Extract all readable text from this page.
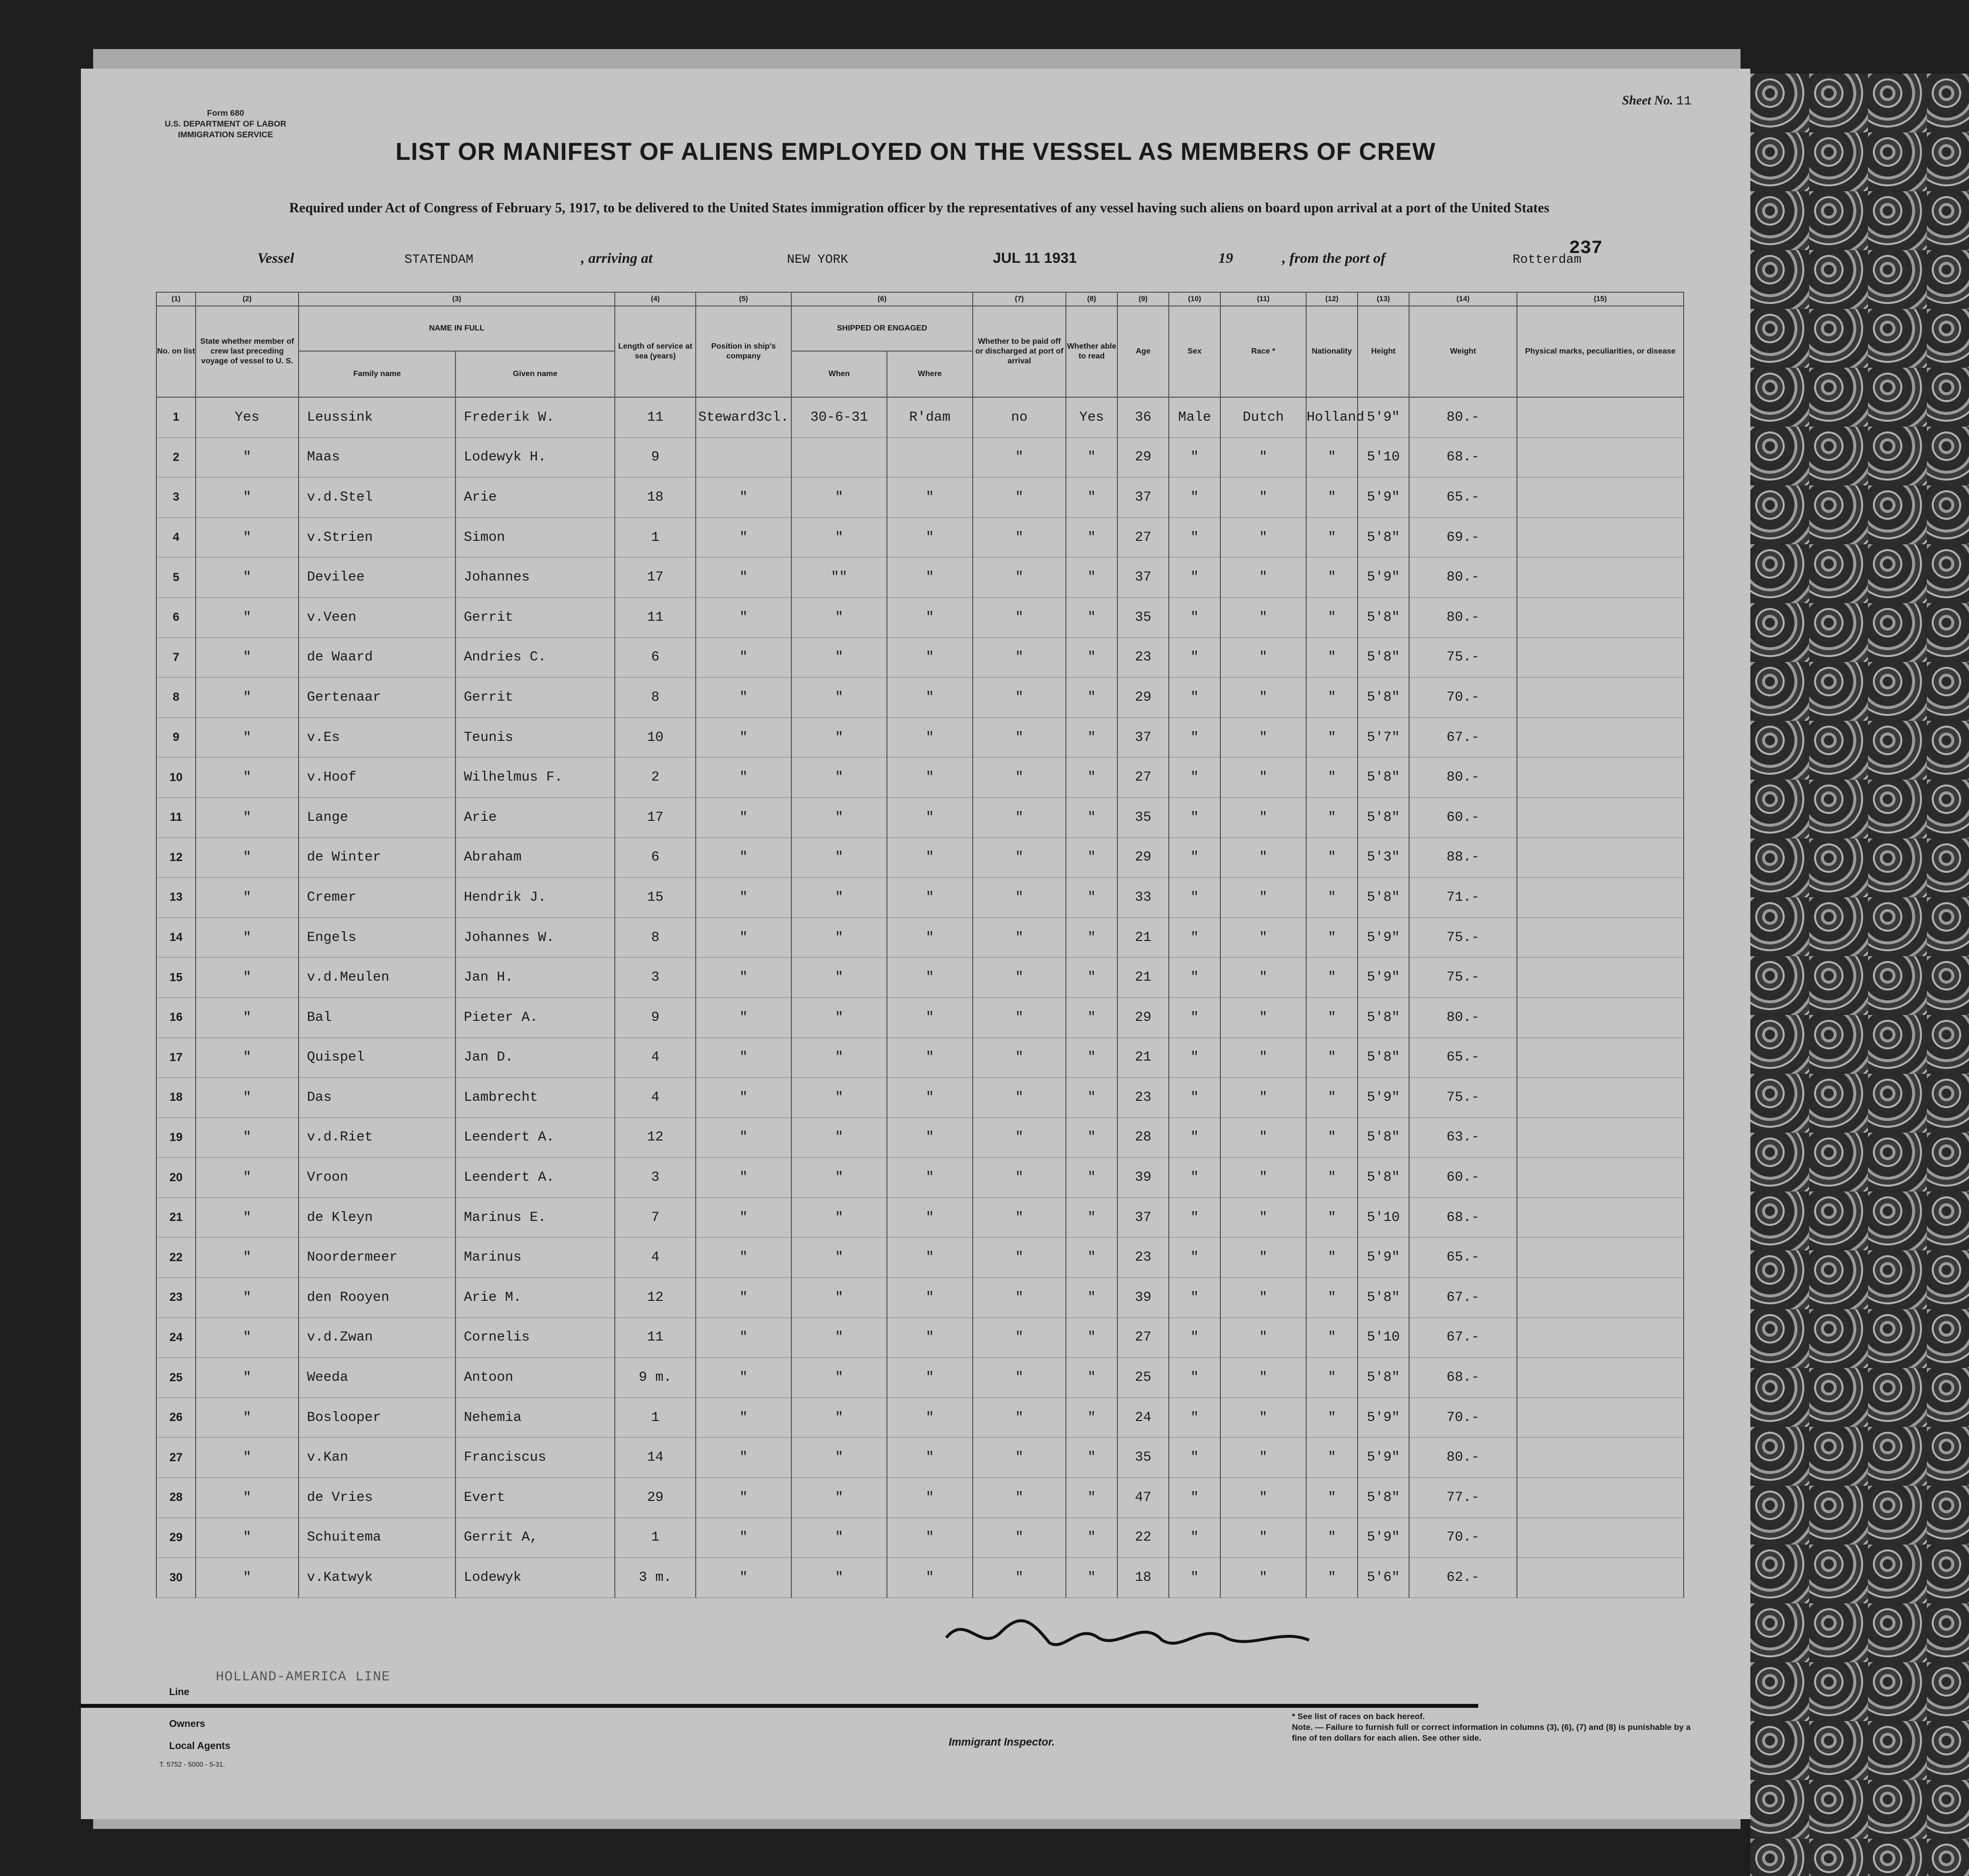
Form 680
U.S. DEPARTMENT OF LABOR
IMMIGRATION SERVICE
Sheet No. 11
LIST OR MANIFEST OF ALIENS EMPLOYED ON THE VESSEL AS MEMBERS OF CREW
Required under Act of Congress of February 5, 1917, to be delivered to the United States immigration officer by the representatives of any vessel having such aliens on board upon arrival at a port of the United States
Vessel	STATENDAM	, arriving at	NEW YORK	JUL 11 1931	19	, from the port of	Rotterdam
237
(1)	(2)	(3)		(4)	(5)	(6)		(7)	(8)	(9)	(10)	(11)	(12)	(13)	(14)	(15)	
No. on list	State whether member of crew last preceding voyage of vessel to U. S.	NAME IN FULL		Length of service at sea (years)	Position in ship's company	SHIPPED OR ENGAGED		Whether to be paid off or discharged at port of arrival	Whether able to read	Age	Sex	Race *	Nationality	Height	Weight	Physical marks, peculiarities, or disease	
		Family name	Given name			When	Where										
1	Yes	Leussink	Frederik W.	11	Steward3cl.	30-6-31	R'dam	no	Yes	36	Male	Dutch	Holland	5'9"	80.-		
2	"	Maas	Lodewyk H.	9				"	"	29	"	"	"	5'10	68.-		
3	"	v.d.Stel	Arie	18	"	"	"	"	"	37	"	"	"	5'9"	65.-		
4	"	v.Strien	Simon	1	"	"	"	"	"	27	"	"	"	5'8"	69.-		
5	"	Devilee	Johannes	17	"	""	"	"	"	37	"	"	"	5'9"	80.-		
6	"	v.Veen	Gerrit	11	"	"	"	"	"	35	"	"	"	5'8"	80.-		
7	"	de Waard	Andries C.	6	"	"	"	"	"	23	"	"	"	5'8"	75.-		
8	"	Gertenaar	Gerrit	8	"	"	"	"	"	29	"	"	"	5'8"	70.-		
9	"	v.Es	Teunis	10	"	"	"	"	"	37	"	"	"	5'7"	67.-		
10	"	v.Hoof	Wilhelmus F.	2	"	"	"	"	"	27	"	"	"	5'8"	80.-		
11	"	Lange	Arie	17	"	"	"	"	"	35	"	"	"	5'8"	60.-		
12	"	de Winter	Abraham	6	"	"	"	"	"	29	"	"	"	5'3"	88.-		
13	"	Cremer	Hendrik J.	15	"	"	"	"	"	33	"	"	"	5'8"	71.-		
14	"	Engels	Johannes W.	8	"	"	"	"	"	21	"	"	"	5'9"	75.-		
15	"	v.d.Meulen	Jan H.	3	"	"	"	"	"	21	"	"	"	5'9"	75.-		
16	"	Bal	Pieter A.	9	"	"	"	"	"	29	"	"	"	5'8"	80.-		
17	"	Quispel	Jan D.	4	"	"	"	"	"	21	"	"	"	5'8"	65.-		
18	"	Das	Lambrecht	4	"	"	"	"	"	23	"	"	"	5'9"	75.-		
19	"	v.d.Riet	Leendert A.	12	"	"	"	"	"	28	"	"	"	5'8"	63.-		
20	"	Vroon	Leendert A.	3	"	"	"	"	"	39	"	"	"	5'8"	60.-		
21	"	de Kleyn	Marinus E.	7	"	"	"	"	"	37	"	"	"	5'10	68.-		
22	"	Noordermeer	Marinus	4	"	"	"	"	"	23	"	"	"	5'9"	65.-		
23	"	den Rooyen	Arie M.	12	"	"	"	"	"	39	"	"	"	5'8"	67.-		
24	"	v.d.Zwan	Cornelis	11	"	"	"	"	"	27	"	"	"	5'10	67.-		
25	"	Weeda	Antoon	9 m.	"	"	"	"	"	25	"	"	"	5'8"	68.-		
26	"	Boslooper	Nehemia	1	"	"	"	"	"	24	"	"	"	5'9"	70.-		
27	"	v.Kan	Franciscus	14	"	"	"	"	"	35	"	"	"	5'9"	80.-		
28	"	de Vries	Evert	29	"	"	"	"	"	47	"	"	"	5'8"	77.-		
29	"	Schuitema	Gerrit A,	1	"	"	"	"	"	22	"	"	"	5'9"	70.-		
30	"	v.Katwyk	Lodewyk	3 m.	"	"	"	"	"	18	"	"	"	5'6"	62.-		
HOLLAND-AMERICA LINE
Line
Owners
Local Agents	Immigrant Inspector.
* See list of races on back hereof.
Note. — Failure to furnish full or correct information in columns (3), (6), (7) and (8) is punishable by a fine of ten dollars for each alien. See other side.
T. 5752 - 5000 - 5-31.
